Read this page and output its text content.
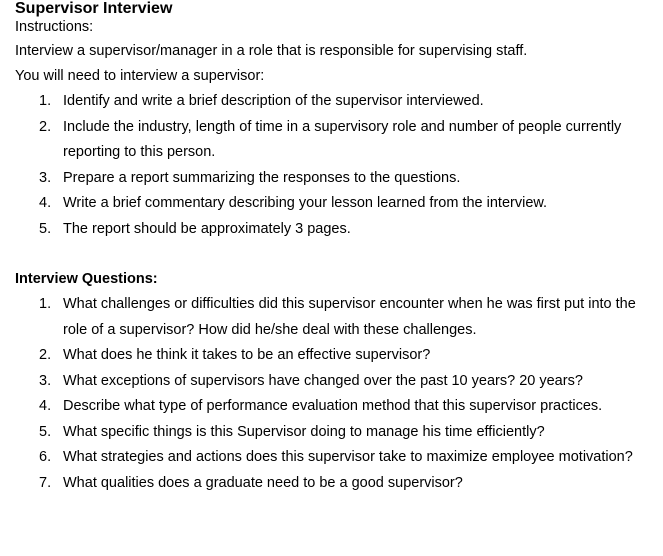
Supervisor Interview

Instructions:

Interview a supervisor/manager in a role that is responsible for supervising staff.

You will need to interview a supervisor:

1. Identify and write a brief description of the supervisor interviewed.
2. Include the industry, length of time in a supervisory role and number of people currently reporting to this person.
3. Prepare a report summarizing the responses to the questions.
4. Write a brief commentary describing your lesson learned from the interview.
5. The report should be approximately 3 pages.

Interview Questions:

1. What challenges or difficulties did this supervisor encounter when he was first put into the role of a supervisor? How did he/she deal with these challenges.
2. What does he think it takes to be an effective supervisor?
3. What exceptions of supervisors have changed over the past 10 years? 20 years?
4. Describe what type of performance evaluation method that this supervisor practices.
5. What specific things is this Supervisor doing to manage his time efficiently?
6. What strategies and actions does this supervisor take to maximize employee motivation?
7. What qualities does a graduate need to be a good supervisor?
